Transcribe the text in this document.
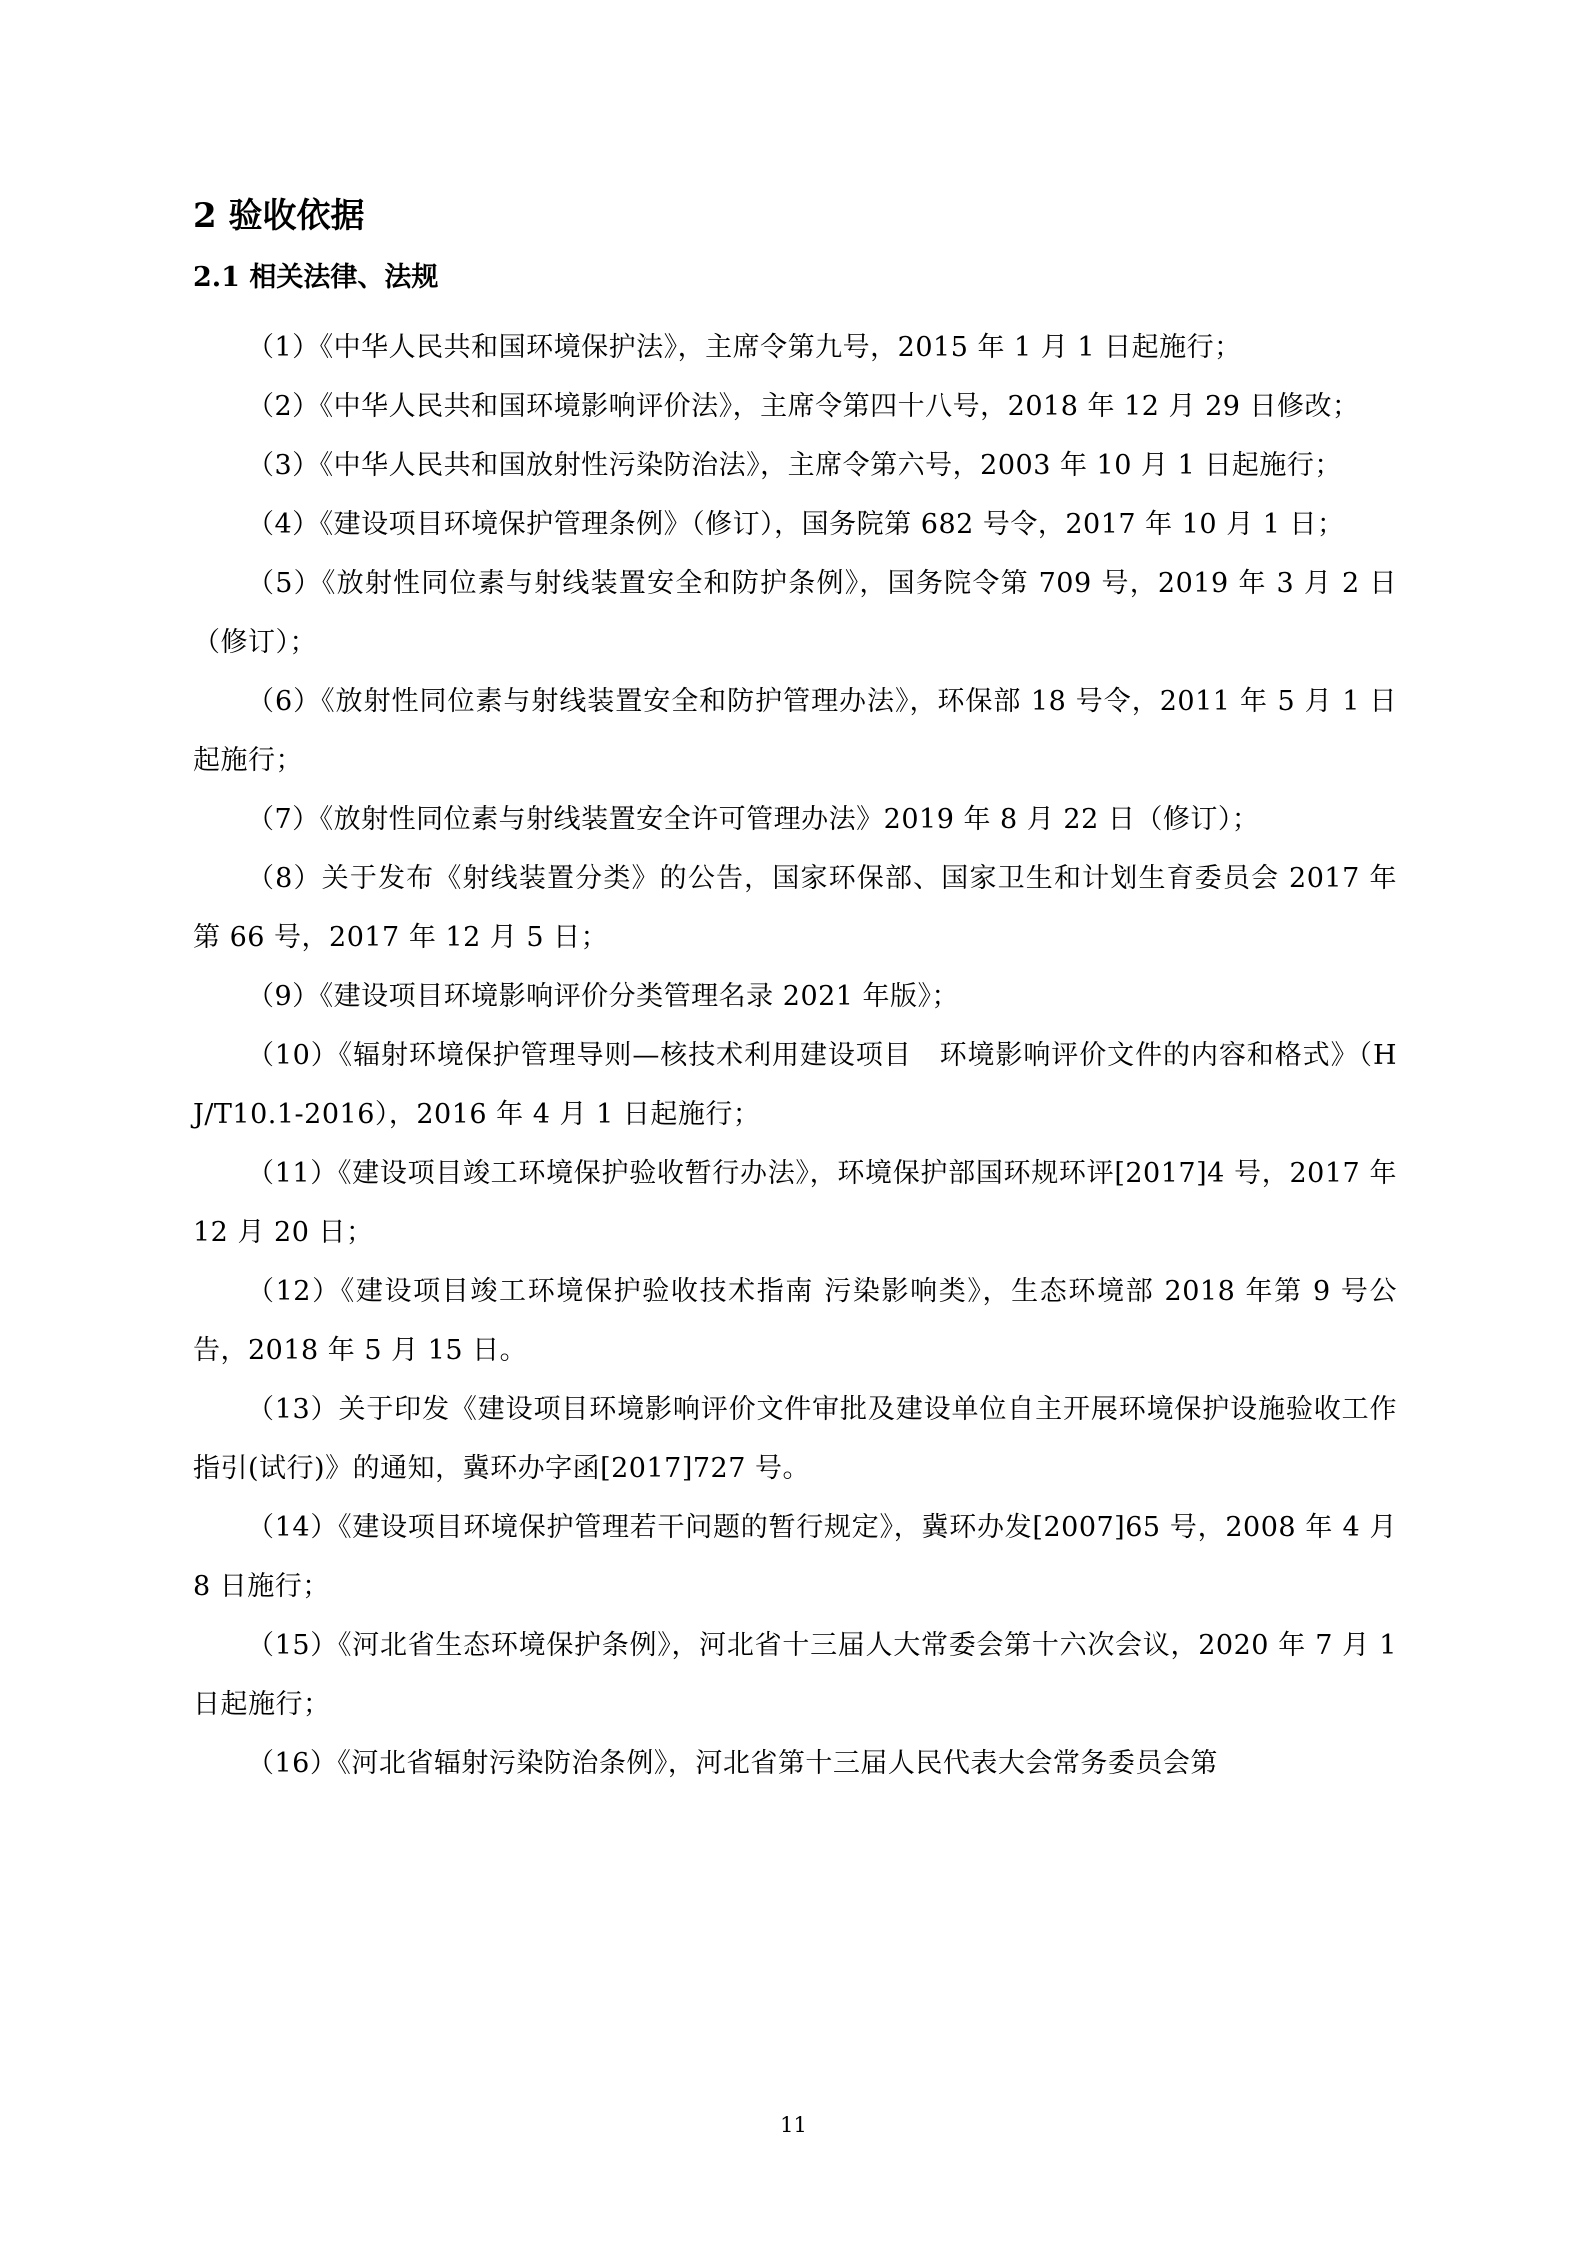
2 验收依据
2.1 相关法律、法规

（1）《中华人民共和国环境保护法》，主席令第九号，2015 年 1 月 1 日起施行；

（2）《中华人民共和国环境影响评价法》，主席令第四十八号，2018 年 12 月 29 日修改；

（3）《中华人民共和国放射性污染防治法》，主席令第六号，2003 年 10 月 1 日起施行；

（4）《建设项目环境保护管理条例》（修订），国务院第 682 号令，2017 年 10 月 1 日；

（5）《放射性同位素与射线装置安全和防护条例》，国务院令第 709 号，2019 年 3 月 2 日（修订）；

（6）《放射性同位素与射线装置安全和防护管理办法》，环保部 18 号令，2011 年 5 月 1 日起施行；

（7）《放射性同位素与射线装置安全许可管理办法》2019 年 8 月 22 日（修订）；

（8）关于发布《射线装置分类》的公告，国家环保部、国家卫生和计划生育委员会 2017 年第 66 号，2017 年 12 月 5 日；

（9）《建设项目环境影响评价分类管理名录 2021 年版》；

（10）《辐射环境保护管理导则—核技术利用建设项目　环境影响评价文件的内容和格式》（HJ/T10.1-2016），2016 年 4 月 1 日起施行；

（11）《建设项目竣工环境保护验收暂行办法》，环境保护部国环规环评[2017]4 号，2017 年 12 月 20 日；

（12）《建设项目竣工环境保护验收技术指南 污染影响类》，生态环境部 2018 年第 9 号公告，2018 年 5 月 15 日。

（13）关于印发《建设项目环境影响评价文件审批及建设单位自主开展环境保护设施验收工作指引(试行)》的通知，冀环办字函[2017]727 号。

（14）《建设项目环境保护管理若干问题的暂行规定》，冀环办发[2007]65 号，2008 年 4 月 8 日施行；

（15）《河北省生态环境保护条例》，河北省十三届人大常委会第十六次会议，2020 年 7 月 1 日起施行；

（16）《河北省辐射污染防治条例》，河北省第十三届人民代表大会常务委员会第

11
